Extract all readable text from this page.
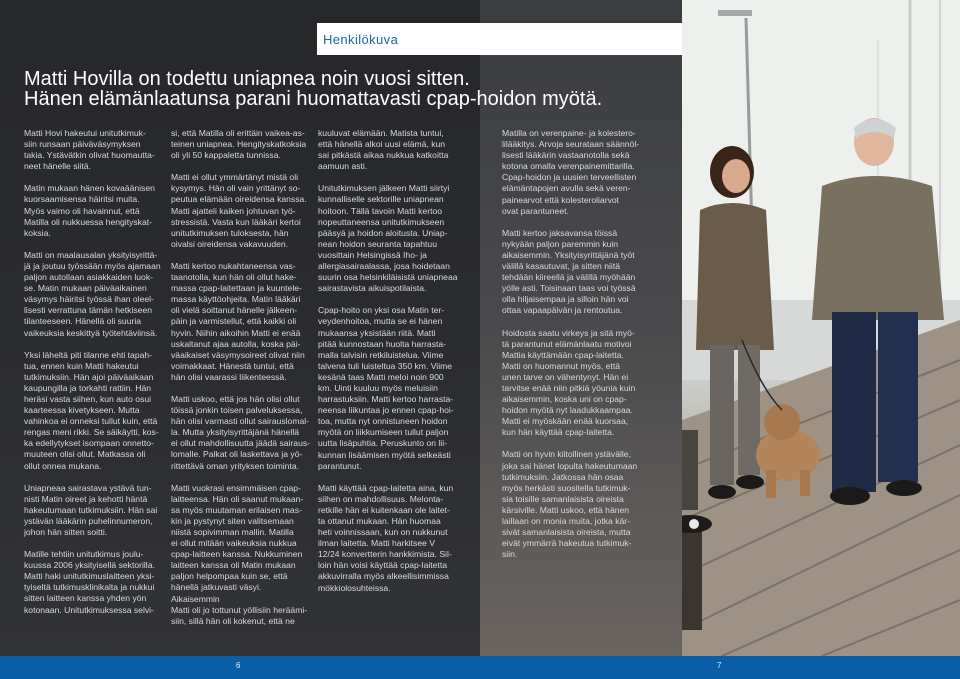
Henkilökuva
Matti Hovilla on todettu uniapnea noin vuosi sitten.
Hänen elämänlaatunsa parani huomattavasti cpap-hoidon myötä.

Matti Hovi hakeutui unitutkimuk-
siin runsaan päiväväsymyksen
takia. Ystävätkin olivat huomautta-
neet hänelle siitä.

Matin mukaan hänen kovaäänisen
kuorsaamisensa häiritsi muita.
Myös vaimo oli havainnut, että
Matilla oli nukkuessa hengityskat-
koksia.

Matti on maalausalan yksityisyrittä-
jä ja joutuu työssään myös ajamaan
paljon autollaan asiakkaiden luok-
se. Matin mukaan päiväaikainen
väsymys häiritsi työssä ihan oleel-
lisesti verrattuna tämän hetkiseen
tilanteeseen. Hänellä oli suuria
vaikeuksia keskittyä työtehtäviinsä.

Yksi läheltä piti tilanne ehti tapah-
tua, ennen kuin Matti hakeutui
tutkimuksiin. Hän ajoi päiväaikaan
kaupungilla ja torkahti rattiin. Hän
heräsi vasta siihen, kun auto osui
kaarteessa kivetykseen. Mutta
vahinkoa ei onneksi tullut kuin, että
rengas meni rikki. Se säikäytti, kos-
ka edellytykset isompaan onnetto-
muuteen olisi ollut. Matkassa oli
ollut onnea mukana.

Uniapneaa sairastava ystävä tun-
nisti Matin oireet ja kehotti häntä
hakeutumaan tutkimuksiin. Hän sai
ystävän lääkärin puhelinnumeron,
johon hän sitten soitti.

Matille tehtiin unitutkimus joulu-
kuussa 2006 yksityisellä sektorilla.
Matti haki unitutkimuslaitteen yksi-
tyiseltä tutkimusklinikalta ja nukkui
sitten laitteen kanssa yhden yön
kotonaan. Unitutkimuksessa selvi-

si, että Matilla oli erittäin vaikea-as-
teinen uniapnea. Hengityskatkoksia
oli yli 50 kappaletta tunnissa.

Matti ei ollut ymmärtänyt mistä oli
kysymys. Hän oli vain yrittänyt so-
peutua elämään oireidensa kanssa.
Matti ajatteli kaiken johtuvan työ-
stressistä. Vasta kun lääkäri kertoi
unitutkimuksen tuloksesta, hän
oivalsi oireidensa vakavuuden.

Matti kertoo nukahtaneensa vas-
taanotolla, kun hän oli ollut hake-
massa cpap-laitettaan ja kuuntele-
massa käyttöohjeita. Matin lääkäri
oli vielä soittanut hänelle jälkeen-
päin ja varmistellut, että kaikki oli
hyvin. Niihin aikoihin Matti ei enää
uskaltanut ajaa autolla, koska päi-
väaikaiset väsymysoireet olivat niin
voimakkaat. Hänestä tuntui, että
hän olisi vaarassi liikenteessä.

Matti uskoo, että jos hän olisi ollut
töissä jonkin toisen palveluksessa,
hän olisi varmasti ollut sairauslomal-
la. Mutta yksityisyrittäjänä hänellä
ei ollut mahdollisuutta jäädä sairaus-
lomalle. Palkat oli laskettava ja yö-
rittettävä oman yrityksen toiminta.

Matti vuokrasi ensimmäisen cpap-
laitteensa. Hän oli saanut mukaan-
sa myös muutaman erilaisen mas-
kin ja pystynyt siten valitsemaan
niistä sopivimman mallin. Matilla
ei ollut mitään vaikeuksia nukkua
cpap-laitteen kanssa. Nukkuminen
laitteen kanssa oli Matin mukaan
paljon helpompaa kuin se, että
hänellä jatkuvasti väsyi. Aikaisemmin
Matti oli jo tottunut yöllisiin heräämi-
siin, sillä hän oli kokenut, että ne

kuuluvat elämään. Matista tuntui,
että hänellä alkoi uusi elämä, kun
sai pitkästä aikaa nukkua katkoitta
aamuun asti.

Unitutkimuksen jälkeen Matti siirtyi
kunnalliselle sektorille uniapnean
hoitoon. Tällä tavoin Matti kertoo
nopeuttaneensa unitutkimukseen
pääsyä ja hoidon aloitusta. Uniap-
nean hoidon seuranta tapahtuu
vuosittain Helsingissä Iho- ja
allergiasairaalassa, josa hoidetaan
suurin osa helsinkiläisistä uniapneaa
sairastavista aikuispotilaista.

Cpap-hoito on yksi osa Matin ter-
veydenhoitoa, mutta se ei hänen
mukaansa yksistään riitä. Matti
pitää kunnostaan huolta harrasta-
malla talvisin retkiluistelua. Viime
talvena tuli luisteltua 350 km. Viime
kesänä taas Matti meloi noin 900
km. Uinti kuuluu myös meluisiin
harrastuksiin. Matti kertoo harrasta-
neensa liikuntaa jo ennen cpap-hoi-
toa, mutta nyt onnistuneen hoidon
myötä on liikkumiseen tullut paljon
uutta lisäpuhtia. Peruskunto on lii-
kunnan lisäämisen myötä selkeästi
parantunut.

Matti käyttää cpap-laitetta aina, kun
siihen on mahdollisuus. Melonta-
retkille hän ei kuitenkaan ole laitet-
ta ottanut mukaan. Hän huomaa
heti voinnissaan, kun on nukkunut
ilman laitetta. Matti harkitsee V
12/24 konvertterin hankkimista. Sil-
loin hän voisi käyttää cpap-laitetta
akkuvirralla myös alkeellisimmissa
mökkiolosuhteissa.

Matilla on verenpaine- ja kolestero-
lilääkitys. Arvoja seurataan säännöl-
lisesti lääkärin vastaanotolla sekä
kotona omalla verenpainemittarilla.
Cpap-hoidon ja uusien terveellisten
elämäntapojen avulla sekä veren-
painearvot että kolesteroliarvot
ovat parantuneet.

Matti kertoo jaksavansa töissä
nykyään paljon paremmin kuin
aikaisemmin. Yksityisyrittäjänä työt
välillä kasautuvat, ja sitten niitä
tehdään kiireellä ja välillä myöhään
yölle asti. Toisinaan taas voi työssä
olla hiljaisempaa ja silloin hän voi
ottaa vapaapäivän ja rentoutua.

Hoidosta saatu virkeys ja sitä myö-
tä parantunut elämänlaatu motivoi
Mattia käyttämään cpap-laitetta.
Matti on huomannut myös, että
unen tarve on vähentynyt. Hän ei
tarvitse enää niin pitkiä yöunia kuin
aikaisemmin, koska uni on cpap-
hoidon myötä nyt laadukkaampaa.
Matti ei myöskään enää kuorsaa,
kun hän käyttää cpap-laitetta.

Matti on hyvin kiitollinen ystävälle,
joka sai hänet lopulta hakeutumaan
tutkimuksiin. Jatkossa hän osaa
myös herkästi suositella tutkimuk-
sia toisille samanlaisista oireista
kärsiville. Matti uskoo, että hänen
laillaan on monia muita, jotka kär-
sivät samanlaisista oireista, mutta
eivät ymmärrä hakeutua tutkimuk-
siin.

6	7
